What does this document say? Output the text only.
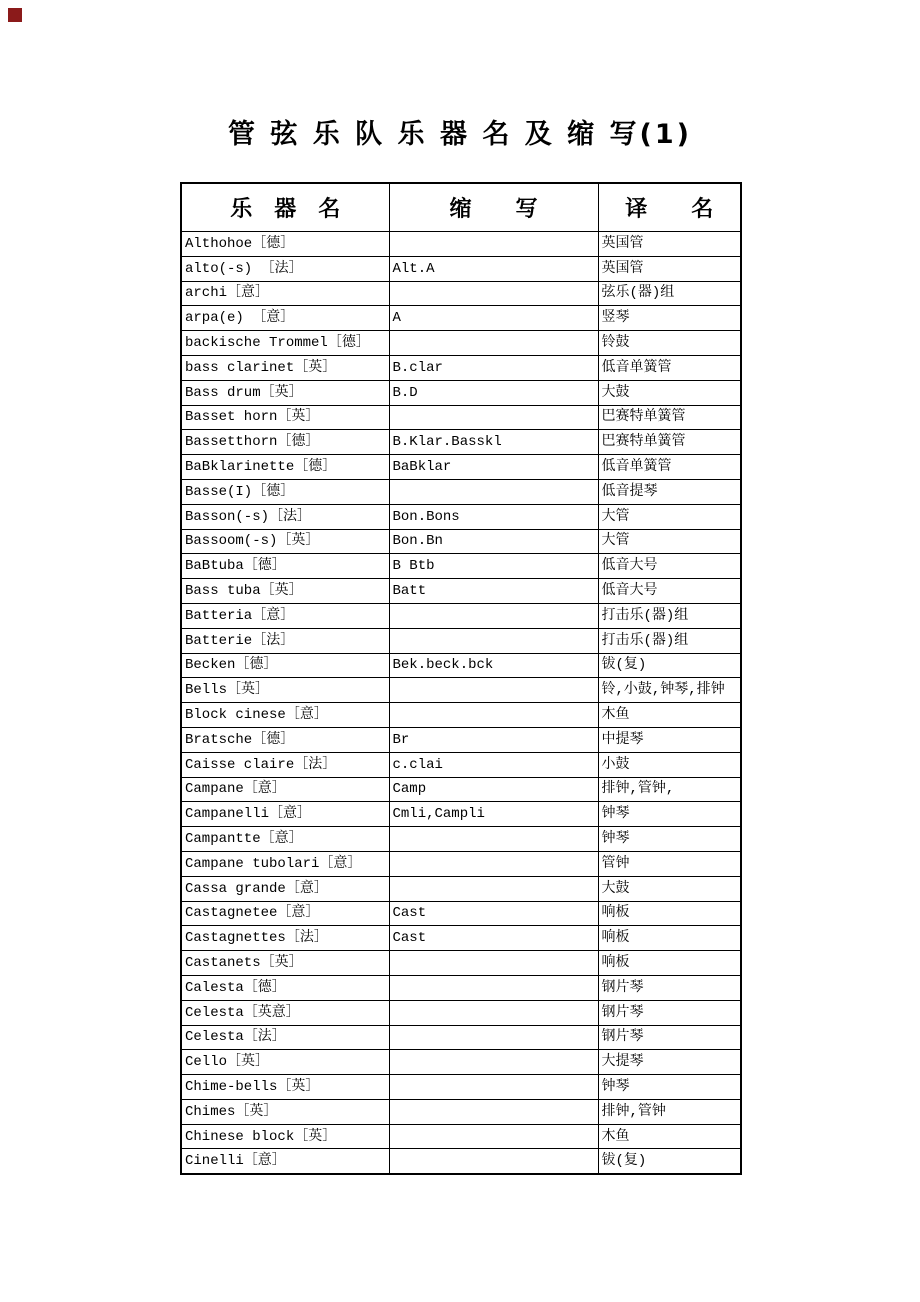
管 弦 乐 队 乐 器 名 及 缩 写(1)
乐　器　名	缩　　写	译　　名
Althohoe［德］		英国管
alto(-s) ［法］	Alt.A	英国管
archi［意］		弦乐(器)组
arpa(e) ［意］	A	竖琴
backische Trommel［德］		铃鼓
bass clarinet［英］	B.clar	低音单簧管
Bass drum［英］	B.D	大鼓
Basset horn［英］		巴赛特单簧管
Bassetthorn［德］	B.Klar.Basskl	巴赛特单簧管
BaBklarinette［德］	BaBklar	低音单簧管
Basse(I)［德］		低音提琴
Basson(-s)［法］	Bon.Bons	大管
Bassoom(-s)［英］	Bon.Bn	大管
BaBtuba［德］	B Btb	低音大号
Bass tuba［英］	Batt	低音大号
Batteria［意］		打击乐(器)组
Batterie［法］		打击乐(器)组
Becken［德］	Bek.beck.bck	钹(复)
Bells［英］		铃,小鼓,钟琴,排钟
Block cinese［意］		木鱼
Bratsche［德］	Br	中提琴
Caisse claire［法］	c.clai	小鼓
Campane［意］	Camp	排钟,管钟,
Campanelli［意］	Cmli,Campli	钟琴
Campantte［意］		钟琴
Campane tubolari［意］		管钟
Cassa grande［意］		大鼓
Castagnetee［意］	Cast	响板
Castagnettes［法］	Cast	响板
Castanets［英］		响板
Calesta［德］		钢片琴
Celesta［英意］		钢片琴
Celesta［法］		钢片琴
Cello［英］		大提琴
Chime-bells［英］		钟琴
Chimes［英］		排钟,管钟
Chinese block［英］		木鱼
Cinelli［意］		钹(复)
